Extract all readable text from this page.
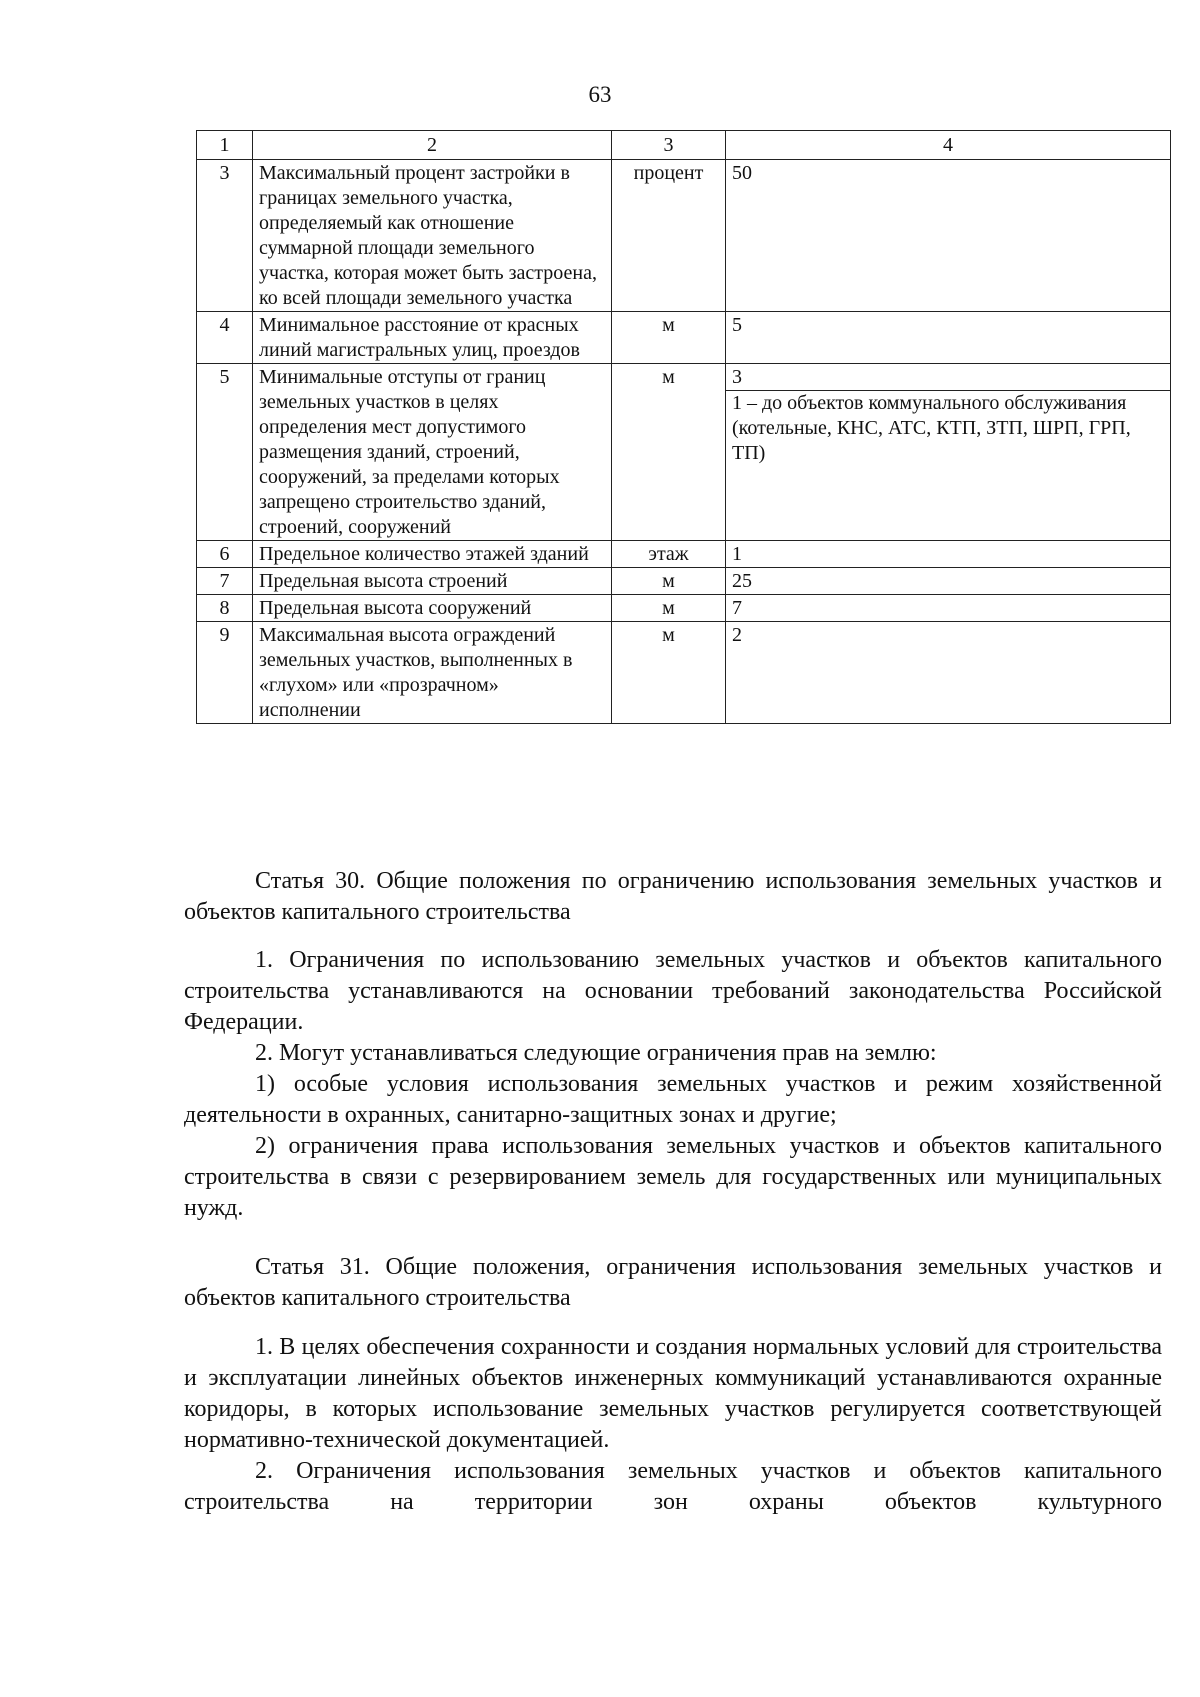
63
1	2	3	4
3	Максимальный процент застройки в границах земельного участка, определяемый как отношение суммарной площади земельного участка, которая может быть застроена, ко всей площади земельного участка	процент	50
4	Минимальное расстояние от красных линий магистральных улиц, проездов	м	5
5	Минимальные отступы от границ земельных участков в целях определения мест допустимого размещения зданий, строений, сооружений, за пределами которых запрещено строительство зданий, строений, сооружений	м	3
1 – до объектов коммунального обслуживания (котельные, КНС, АТС, КТП, ЗТП, ШРП, ГРП, ТП)

6	Предельное количество этажей зданий	этаж	1
7	Предельная высота строений	м	25
8	Предельная высота сооружений	м	7
9	Максимальная высота ограждений земельных участков, выполненных в «глухом» или «прозрачном» исполнении	м	2

Статья 30. Общие положения по ограничению использования земельных участков и объектов капитального строительства

1. Ограничения по использованию земельных участков и объектов капитального строительства устанавливаются на основании требований законодательства Российской Федерации.

2. Могут устанавливаться следующие ограничения прав на землю:

1) особые условия использования земельных участков и режим хозяйственной деятельности в охранных, санитарно-защитных зонах и другие;

2) ограничения права использования земельных участков и объектов капитального строительства в связи с резервированием земель для государственных или муниципальных нужд.

Статья 31. Общие положения, ограничения использования земельных участков и объектов капитального строительства

1. В целях обеспечения сохранности и создания нормальных условий для строительства и эксплуатации линейных объектов инженерных коммуникаций устанавливаются охранные коридоры, в которых использование земельных участков регулируется соответствующей нормативно-технической документацией.

2. Ограничения использования земельных участков и объектов капитального строительства на территории зон охраны объектов культурного
